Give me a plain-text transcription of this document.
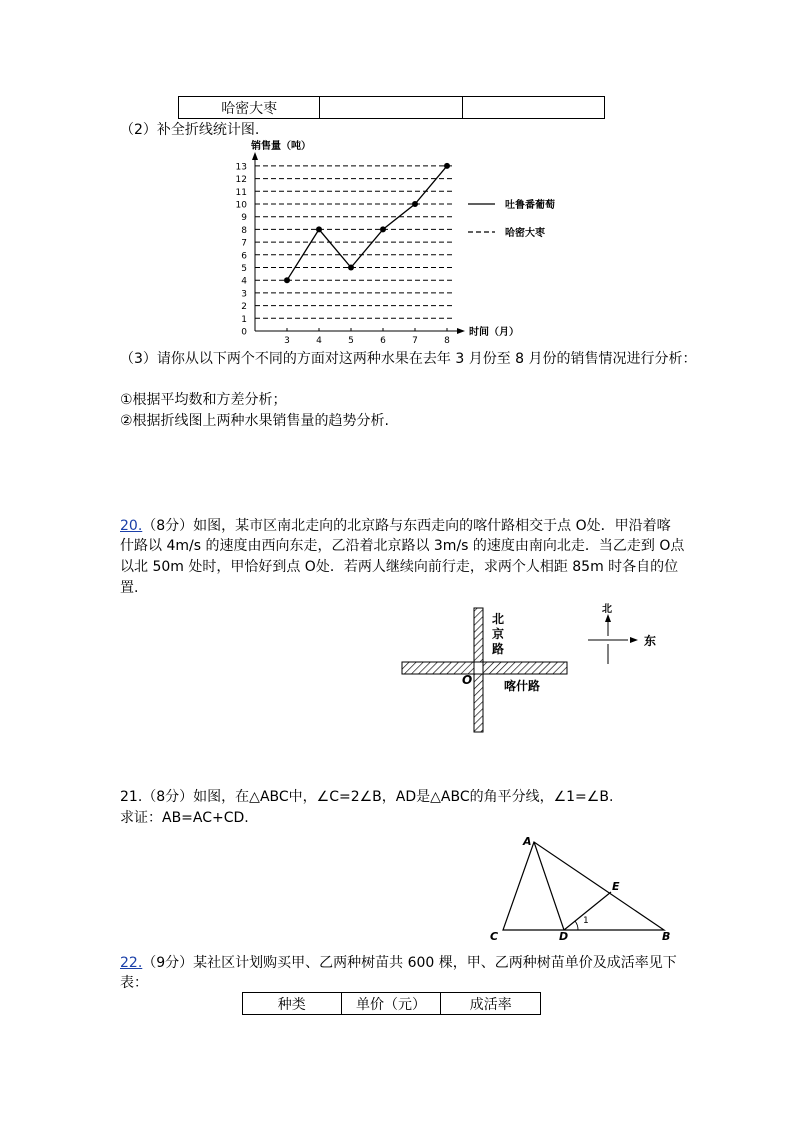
哈密大枣		
（2）补全折线统计图.
0
1
2
3
4
5
6
7
8
9
10
11
12
13
3	4	5	6	7	8
销售量（吨）
时间（月）
吐鲁番葡萄
哈密大枣
（3）请你从以下两个不同的方面对这两种水果在去年 3 月份至 8 月份的销售情况进行分析：
①根据平均数和方差分析；
②根据折线图上两种水果销售量的趋势分析.
20.（8分）如图，某市区南北走向的北京路与东西走向的喀什路相交于点 O处．甲沿着喀
什路以 4m/s 的速度由西向东走，乙沿着北京路以 3m/s 的速度由南向北走．当乙走到 O点
以北 50m 处时，甲恰好到点 O处．若两人继续向前行走，求两个人相距 85m 时各自的位
置.
北
京
路
喀什路
O
北
东
21.（8分）如图，在△ABC中，∠C=2∠B，AD是△ABC的角平分线，∠1=∠B.
求证：AB=AC+CD.
A
C	D	B
E
1
22.（9分）某社区计划购买甲、乙两种树苗共 600 棵，甲、乙两种树苗单价及成活率见下
表：
种类	单价（元）	成活率
